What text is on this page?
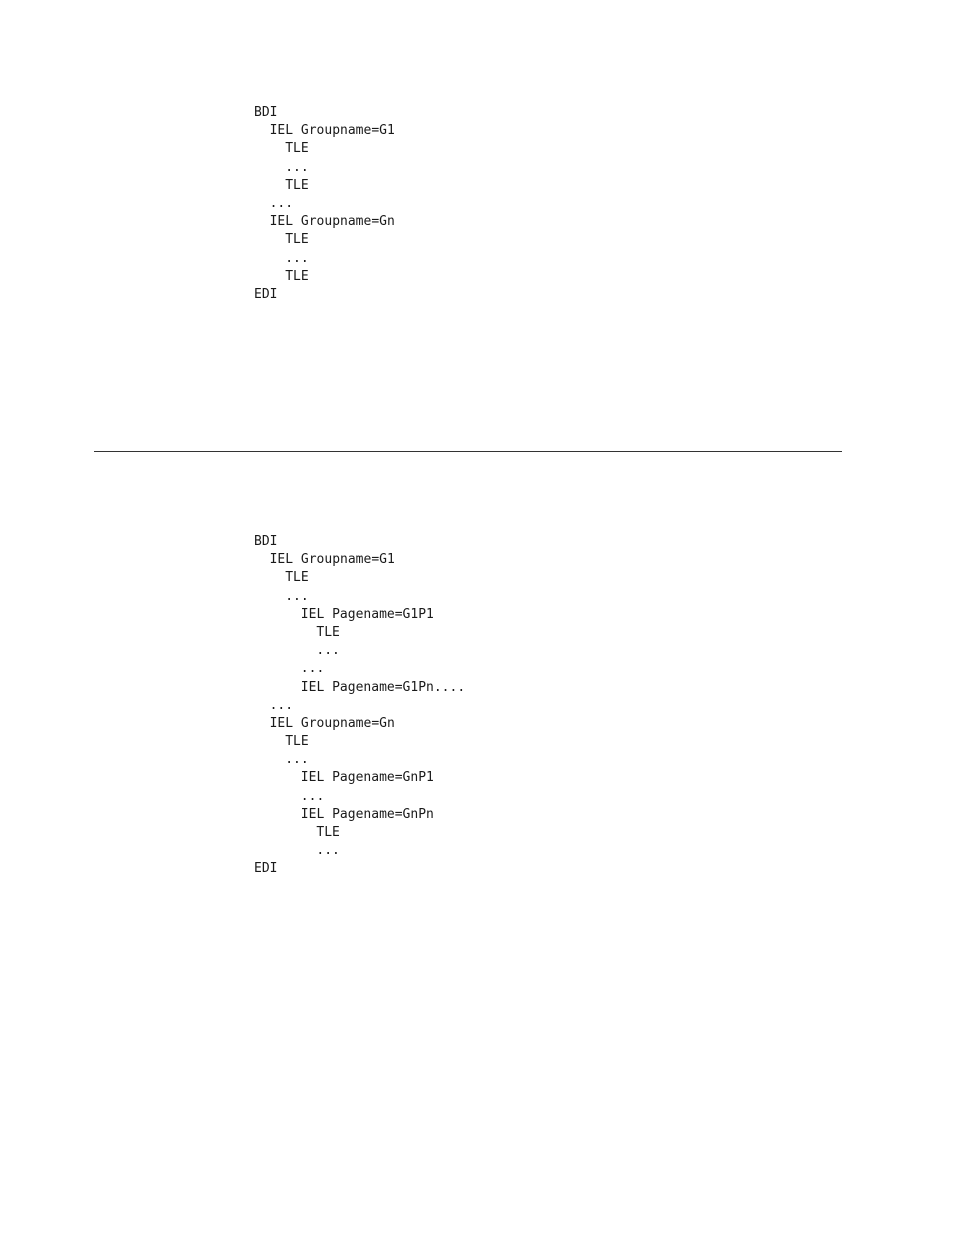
BDI
IEL Groupname=G1
TLE
...
TLE
...
IEL Groupname=Gn
TLE
...
TLE
EDI
BDI
IEL Groupname=G1
TLE
...
IEL Pagename=G1P1
TLE
...
...
IEL Pagename=G1Pn....
...
IEL Groupname=Gn
TLE
...
IEL Pagename=GnP1
...
IEL Pagename=GnPn
TLE
...
EDI
